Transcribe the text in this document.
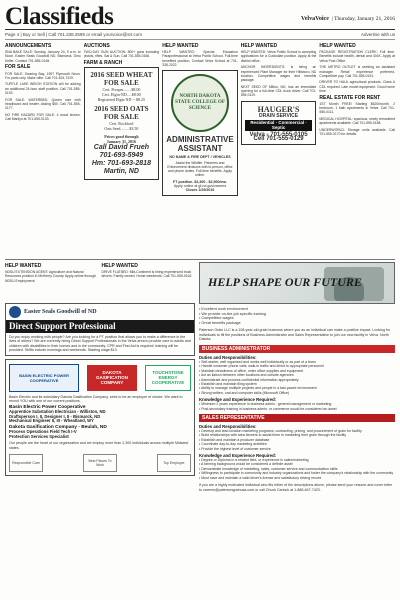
Classifieds	VelvaVoice  | Thursday, January 21, 2016
Page 4 | Buy or Sell | Call 701.338.2599 or email yourvoice@srt.com	Advertise with us
ANNOUNCEMENTS

SNA BAKE SALE: Sunday, January 24, 9 a.m. to Noon. Easter Seals Goodwill ND, Bismarck. Dino Keller. Contact 701-555-0148.

FOR SALE

FOR SALE: Dearing Bay, 1997 Plymouth Neon. For parts only. Make offer. Call 701-624-7319.

TURTLE LAKE WEIGH STATION will be adding an additional 24-hour staff position. Call 701-555-0192.

FOR SALE: WATERBED. Queen size with headboard and heater. Asking $50. Call 701-555-0177.

NO FIRE HAZARD FOR SALE: 4 wood stoves. Call Marilyn at 701-555-0133.

AUCTIONS

TWO-DAY GUN AUCTION: 800+ guns including pistols, rifles. Sat & Sun. Call 701-555-0166.

FARM & RANCH
2016 SEED WHEAT
FOR SALE
Cert. Prosper........$8.00
Cert. Elgin-ND.....$8.00
Registered Elgin ND -- $8.25
2016 SEED OATS
FOR SALE
Cert. Rockford
Oats Seed.........$3.50
Prices good through
January 31, 2016
Call David Frueh
701-693-5949
Hm: 701-693-2818
Martin, ND
HELP WANTED

HELP WANTED: Special Education Paraprofessional at Velva Public School. Full-time benefited position. Contact Velva School at 701-338-2022.

NORTH DAKOTA STATE COLLEGE OF SCIENCE
ADMINISTRATIVE ASSISTANT
NO NAME & FIRE DEPT / VEHICLES
Assist the Wildlife, Fisheries and Enforcement divisions with in-person, office and phone duties. Full-time benefits. Apply online.
FT position. $2,300 - $2,900/mo.
Apply online at gf.nd.gov/careers
Closes 1/29/2016
HELP WANTED

HELP WANTED: Velva Public School is accepting applications for a Custodian position. Apply at the district office.

ANCHOR INGREDIENTS: is hiring an experienced Plant Manager for their Hillsboro, ND location. Competitive wages and benefits package.

NEXT SEED OF Milton, ND, has an immediate opening for a full-time CDL truck driver. Call 701-555-0119.

HAUGER'S
DRAIN SERVICE
Residential · Commercial · Septic
Velva - 701-555-0105
Cell 701-555-0129
HELP WANTED

PACKAGE REGISTRATION CLERK: Full time. Benefits include health, dental and 401K. Apply at Velva Post Office.

THE METRO OUTLET is seeking an assistant manager. Retail experience preferred. Competitive pay. Call 701-555-0151.

DRIVER TO HAUL agricultural products. Class A CDL required. Late model equipment. Good home time.

REAL ESTATE FOR RENT

1ST Month FREE! Starting $620/month. 2 bedroom, 1 bath apartments in Velva. Call 701-555-0111.

MEDICAL HOSPITAL: spacious, newly remodeled apartments available. Call 701-555-0188.

UNDERWORLD: Storage units available. Call 701-555-0170 for details.

HELP WANTED
NDSU EXTENSION AGENT: Agriculture and Natural Resources position in McHenry County. Apply online through NDSU Employment.
HELP WANTED
DRIVE FLATBED: Mid-Continent is hiring experienced truck drivers. Family owned. Home weekends. Call 701-555-0162.
Easter Seals Goodwill of ND
Direct Support Professional
Do you enjoy working with people? Are you looking for a PT position that allows you to make a difference in the lives of others? We are currently hiring Direct Support Professionals in the Velva area to provide care to adults and children with disabilities in their homes and in the community. CPR and First Aid is required; training will be provided. Shifts include evenings and weekends. Starting wage $13.
BASIN ELECTRIC POWER COOPERATIVE
DAKOTA GASIFICATION COMPANY
TOUCHSTONE ENERGY COOPERATIVE
Basin Electric and its subsidiary Dakota Gasification Company, seek to be an employer of choice. We want to recruit YOU with one of our current positions.
Basin Electric Power Cooperative
Apprentice Substation Electrician - Williston, ND
Draftsperson I, II, Designer I, II - Bismarck, ND
Mechanical Engineer II, III - Wheatland, WY
Dakota Gasification Company - Beulah, ND
Process Operations Field Tech I-V
Protection Services Specialist
Our people are the heart of our organization and we employ more than 2,300 individuals across multiple Midwest states.
Responsible Care
Best Places To Work
Top Employer
HELP SHAPE OUR FUTURE
• Excellent work environment
• We provide on-the-job specific training
• Competitive wages
• Great benefits package
Paterson Grain LLC is a 108-year-old grain business where you as an individual can make a positive impact. Looking for individuals to fill the positions of Business Administrator and Sales Representative to join our new facility in Velva, North Dakota.
BUSINESS ADMINISTRATOR
Duties and Responsibilities:
• Self-starter, well organized and works well individually or as part of a team
• Handle customer phone calls, walk-in traffic and direct to appropriate personnel
• Maintain cleanliness of office, order office supplies and equipment
• Act as liaison between other locations and outside agencies
• Administrate and process confidential information appropriately
• Establish and maintain filing system
• Ability to manage multiple projects and people in a fast-paced environment
• Strong written, oral and computer skills (Microsoft Office)
Knowledge and Experience Required:
• Minimum 2 years experience in business admin., general management or marketing
• Post-secondary training in business admin. or commerce would be considered an asset
SALES REPRESENTATIVE
Duties and Responsibilities:
• Develop and lead location marketing programs, contracting, pricing, and procurement of grain for facility
• Build relationships with area farmers to assist them in marketing their grain through the facility
• Establish and maintain a producer database
• Coordinate day-to-day marketing activities
• Provide the highest level of customer service
Knowledge and Experience Required:
• Degree or Diploma in a related field, or experience in sales/marketing
• A farming background would be considered a definite asset
• Demonstrate knowledge of marketing, sales, customer service and communication skills
• Willingness to participate in community and industry organizations and foster the company's relationship with the community
• Must have and maintain a valid driver's license and satisfactory driving record
If you are a highly motivated individual who fits either of the descriptions above, please send your resume and cover letter to careers@patersongrainusa.com or call Chuck Carlock at 1-888-467-7423.
